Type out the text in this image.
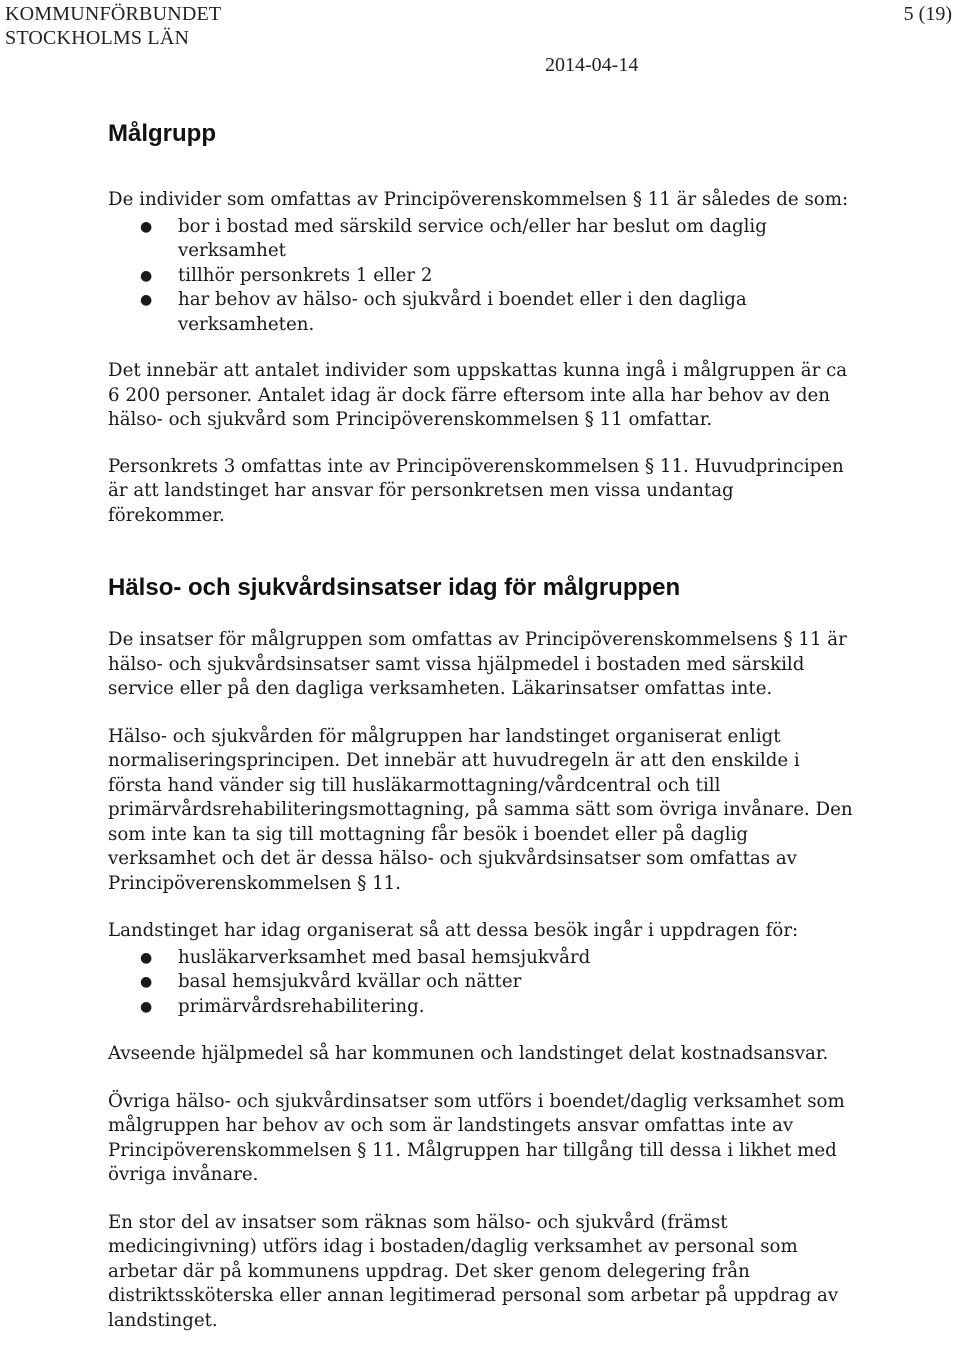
KOMMUNFÖRBUNDET
STOCKHOLMS LÄN
5 (19)
2014-04-14
Målgrupp

De individer som omfattas av Principöverenskommelsen § 11 är således de som:

● bor i bostad med särskild service och/eller har beslut om daglig verksamhet
● tillhör personkrets 1 eller 2
● har behov av hälso- och sjukvård i boendet eller i den dagliga verksamheten.

Det innebär att antalet individer som uppskattas kunna ingå i målgruppen är ca 6 200 personer. Antalet idag är dock färre eftersom inte alla har behov av den hälso- och sjukvård som Principöverenskommelsen § 11 omfattar.

Personkrets 3 omfattas inte av Principöverenskommelsen § 11. Huvudprincipen är att landstinget har ansvar för personkretsen men vissa undantag förekommer.

Hälso- och sjukvårdsinsatser idag för målgruppen

De insatser för målgruppen som omfattas av Principöverenskommelsens § 11 är hälso- och sjukvårdsinsatser samt vissa hjälpmedel i bostaden med särskild service eller på den dagliga verksamheten. Läkarinsatser omfattas inte.

Hälso- och sjukvården för målgruppen har landstinget organiserat enligt normaliseringsprincipen. Det innebär att huvudregeln är att den enskilde i första hand vänder sig till husläkarmottagning/vårdcentral och till primärvårdsrehabiliteringsmottagning, på samma sätt som övriga invånare. Den som inte kan ta sig till mottagning får besök i boendet eller på daglig verksamhet och det är dessa hälso- och sjukvårdsinsatser som omfattas av Principöverenskommelsen § 11.

Landstinget har idag organiserat så att dessa besök ingår i uppdragen för:

● husläkarverksamhet med basal hemsjukvård
● basal hemsjukvård kvällar och nätter
● primärvårdsrehabilitering.

Avseende hjälpmedel så har kommunen och landstinget delat kostnadsansvar.

Övriga hälso- och sjukvårdinsatser som utförs i boendet/daglig verksamhet som målgruppen har behov av och som är landstingets ansvar omfattas inte av Principöverenskommelsen § 11. Målgruppen har tillgång till dessa i likhet med övriga invånare.

En stor del av insatser som räknas som hälso- och sjukvård (främst medicingivning) utförs idag i bostaden/daglig verksamhet av personal som arbetar där på kommunens uppdrag. Det sker genom delegering från distriktssköterska eller annan legitimerad personal som arbetar på uppdrag av landstinget.
